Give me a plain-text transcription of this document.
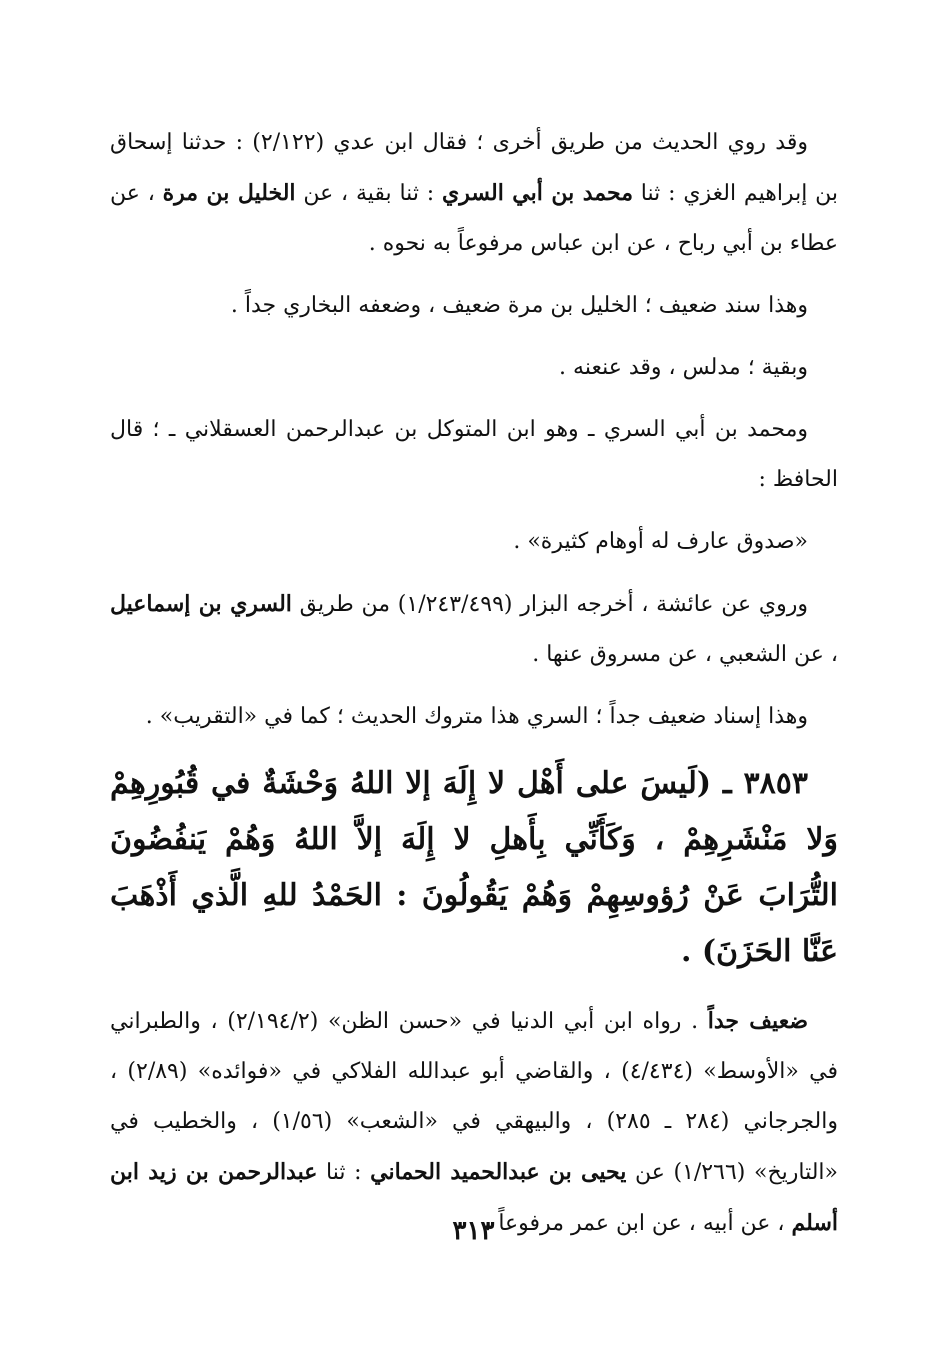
وقد روي الحديث من طريق أخرى ؛ فقال ابن عدي (٢/١٢٢) : حدثنا إسحاق بن إبراهيم الغزي : ثنا محمد بن أبي السري : ثنا بقية ، عن الخليل بن مرة ، عن عطاء بن أبي رباح ، عن ابن عباس مرفوعاً به نحوه .

وهذا سند ضعيف ؛ الخليل بن مرة ضعيف ، وضعفه البخاري جداً .

وبقية ؛ مدلس ، وقد عنعنه .

ومحمد بن أبي السري ـ وهو ابن المتوكل بن عبدالرحمن العسقلاني ـ ؛ قال الحافظ :

«صدوق عارف له أوهام كثيرة» .

وروي عن عائشة ، أخرجه البزار (١/٢٤٣/٤٩٩) من طريق السري بن إسماعيل ، عن الشعبي ، عن مسروق عنها .

وهذا إسناد ضعيف جداً ؛ السري هذا متروك الحديث ؛ كما في «التقريب» .

٣٨٥٣ ـ (لَيسَ على أَهْل لا إِلَهَ إلا اللهُ وَحْشَةٌ في قُبُورِهِمْ وَلا مَنْشَرِهِمْ ، وَكَأَنِّي بِأَهلِ لا إِلَهَ إلاَّ اللهُ وَهُمْ يَنفُضُونَ التُّرَابَ عَنْ رُؤوسِهِمْ وَهُمْ يَقُولُونَ : الحَمْدُ للهِ الَّذي أَذْهَبَ عَنَّا الحَزَنَ) .

ضعيف جداً . رواه ابن أبي الدنيا في «حسن الظن» (٢/١٩٤/٢) ، والطبراني في «الأوسط» (٤/٤٣٤) ، والقاضي أبو عبدالله الفلاكي في «فوائده» (٢/٨٩) ، والجرجاني (٢٨٤ ـ ٢٨٥) ، والبيهقي في «الشعب» (١/٥٦) ، والخطيب في «التاريخ» (١/٢٦٦) عن يحيى بن عبدالحميد الحماني : ثنا عبدالرحمن بن زيد ابن أسلم ، عن أبيه ، عن ابن عمر مرفوعاً .

٣١٣
